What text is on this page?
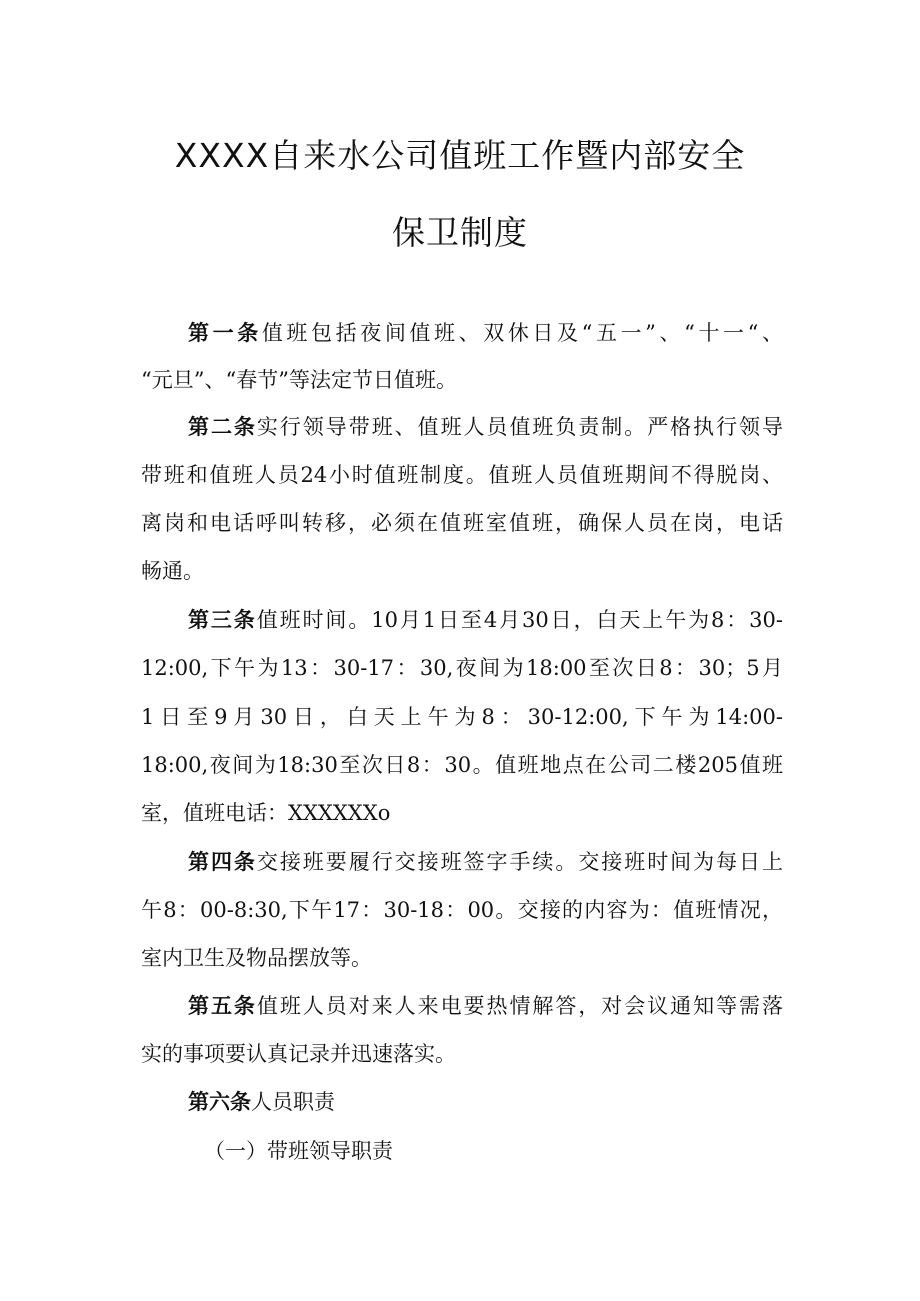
XXXX自来水公司值班工作暨内部安全
保卫制度
第一条值班包括夜间值班、双休日及“五一”、“十一“、
“元旦”、“春节”等法定节日值班。
第二条实行领导带班、值班人员值班负责制。严格执行领导
带班和值班人员24小时值班制度。值班人员值班期间不得脱岗、
离岗和电话呼叫转移，必须在值班室值班，确保人员在岗，电话
畅通。
第三条值班时间。10月1日至4月30日，白天上午为8：30-
12:00,下午为13：30-17：30,夜间为18:00至次日8：30；5月
1日至9月30日，白天上午为8：30-12:00,下午为14:00-
18:00,夜间为18:30至次日8：30。值班地点在公司二楼205值班
室，值班电话：XXXXXXo
第四条交接班要履行交接班签字手续。交接班时间为每日上
午8：00-8:30,下午17：30-18：00。交接的内容为：值班情况，
室内卫生及物品摆放等。
第五条值班人员对来人来电要热情解答，对会议通知等需落
实的事项要认真记录并迅速落实。
第六条人员职责
（一）带班领导职责
